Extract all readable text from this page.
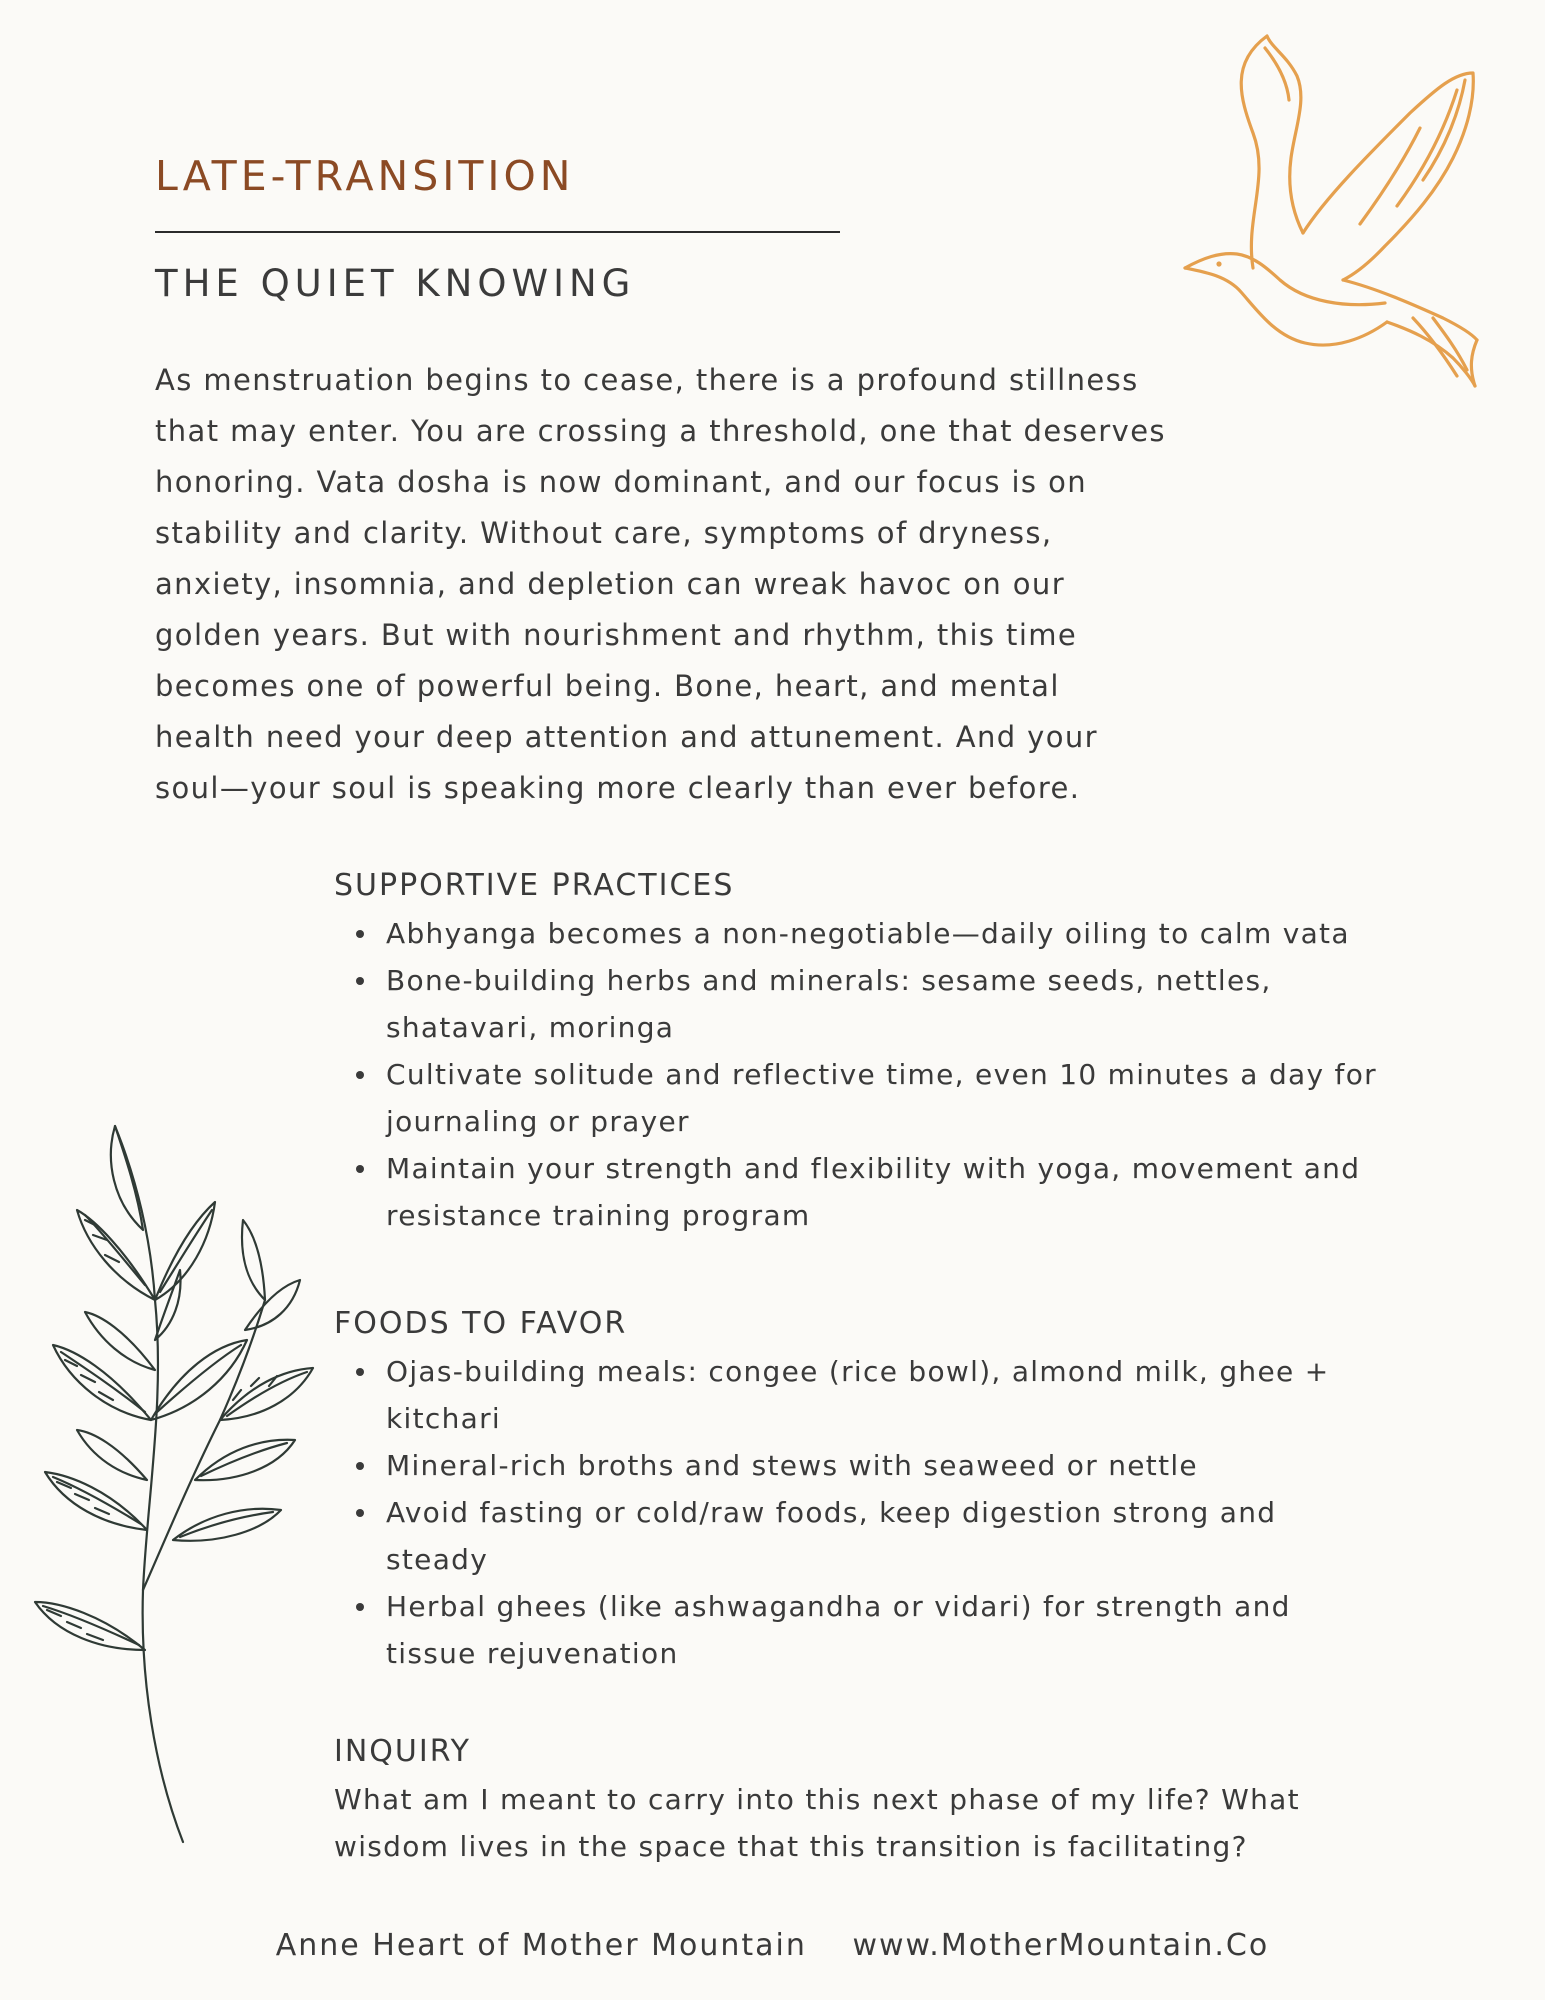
LATE-TRANSITION
THE QUIET KNOWING
As menstruation begins to cease, there is a profound stillness
that may enter. You are crossing a threshold, one that deserves
honoring. Vata dosha is now dominant, and our focus is on
stability and clarity. Without care, symptoms of dryness,
anxiety, insomnia, and depletion can wreak havoc on our
golden years. But with nourishment and rhythm, this time
becomes one of powerful being. Bone, heart, and mental
health need your deep attention and attunement. And your
soul—your soul is speaking more clearly than ever before.
SUPPORTIVE PRACTICES
Abhyanga becomes a non-negotiable—daily oiling to calm vata
Bone-building herbs and minerals: sesame seeds, nettles, shatavari, moringa
Cultivate solitude and reflective time, even 10 minutes a day for journaling or prayer
Maintain your strength and flexibility with yoga, movement and resistance training program
FOODS TO FAVOR
Ojas-building meals: congee (rice bowl), almond milk, ghee + kitchari
Mineral-rich broths and stews with seaweed or nettle
Avoid fasting or cold/raw foods, keep digestion strong and steady
Herbal ghees (like ashwagandha or vidari) for strength and tissue rejuvenation
INQUIRY

What am I meant to carry into this next phase of my life? What wisdom lives in the space that this transition is facilitating?

Anne Heart of Mother Mountain www.MotherMountain.Co
